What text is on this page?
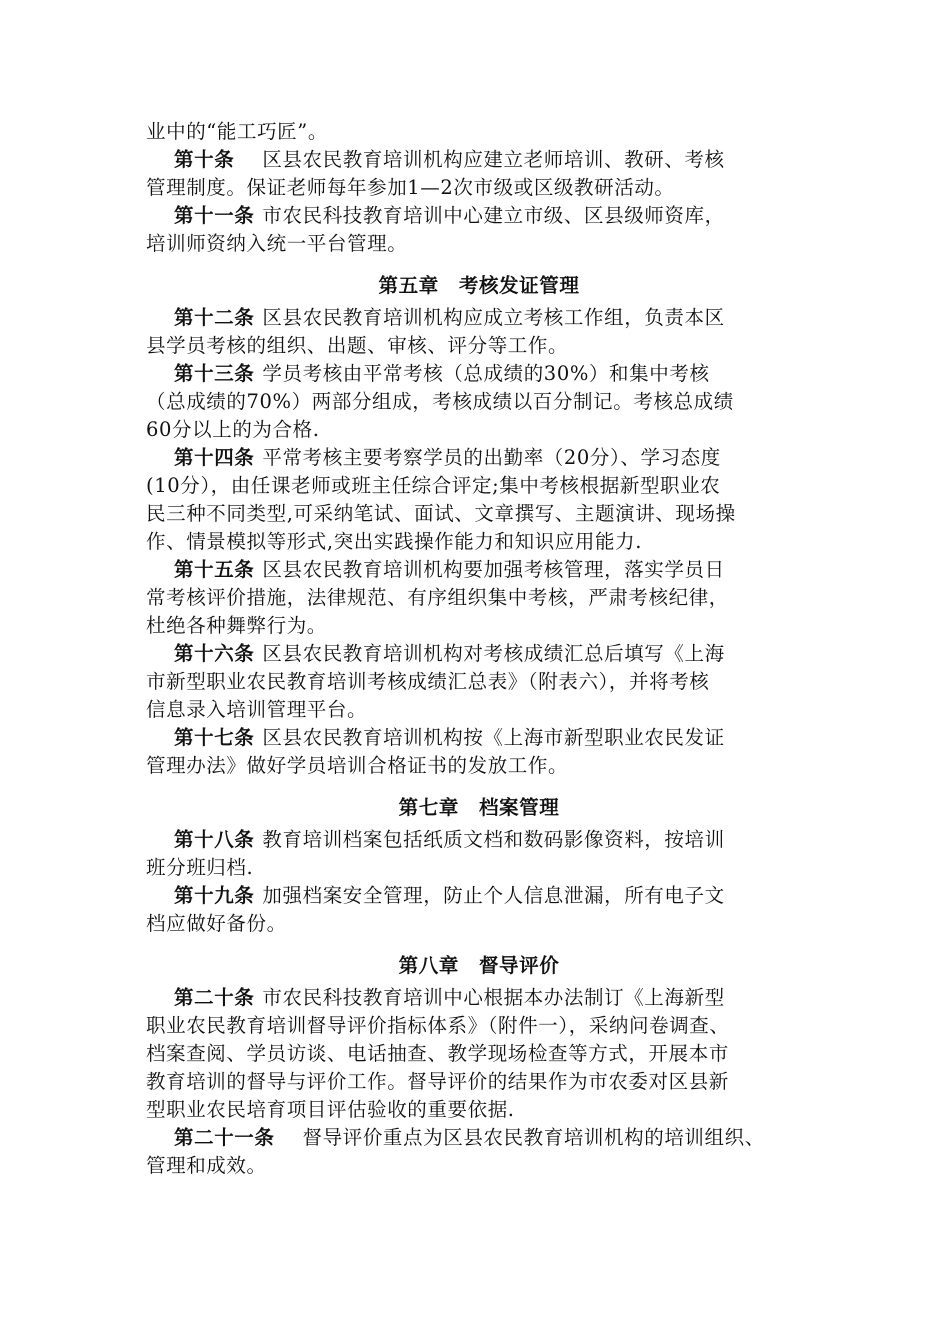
业中的“能工巧匠”。
第十条 区县农民教育培训机构应建立老师培训、教研、考核
管理制度。保证老师每年参加1—2次市级或区级教研活动。
第十一条 市农民科技教育培训中心建立市级、区县级师资库，
培训师资纳入统一平台管理。
第五章 考核发证管理
第十二条 区县农民教育培训机构应成立考核工作组，负责本区
县学员考核的组织、出题、审核、评分等工作。
第十三条 学员考核由平常考核（总成绩的30%）和集中考核
（总成绩的70%）两部分组成，考核成绩以百分制记。考核总成绩
60分以上的为合格.
第十四条 平常考核主要考察学员的出勤率（20分）、学习态度
(10分），由任课老师或班主任综合评定;集中考核根据新型职业农
民三种不同类型,可采纳笔试、面试、文章撰写、主题演讲、现场操
作、情景模拟等形式,突出实践操作能力和知识应用能力.
第十五条 区县农民教育培训机构要加强考核管理，落实学员日
常考核评价措施，法律规范、有序组织集中考核，严肃考核纪律，
杜绝各种舞弊行为。
第十六条 区县农民教育培训机构对考核成绩汇总后填写《上海
市新型职业农民教育培训考核成绩汇总表》（附表六），并将考核
信息录入培训管理平台。
第十七条 区县农民教育培训机构按《上海市新型职业农民发证
管理办法》做好学员培训合格证书的发放工作。
第七章 档案管理
第十八条 教育培训档案包括纸质文档和数码影像资料，按培训
班分班归档.
第十九条 加强档案安全管理，防止个人信息泄漏，所有电子文
档应做好备份。
第八章 督导评价
第二十条 市农民科技教育培训中心根据本办法制订《上海新型
职业农民教育培训督导评价指标体系》（附件一），采纳问卷调查、
档案查阅、学员访谈、电话抽查、教学现场检查等方式，开展本市
教育培训的督导与评价工作。督导评价的结果作为市农委对区县新
型职业农民培育项目评估验收的重要依据.
第二十一条 督导评价重点为区县农民教育培训机构的培训组织、
管理和成效。
